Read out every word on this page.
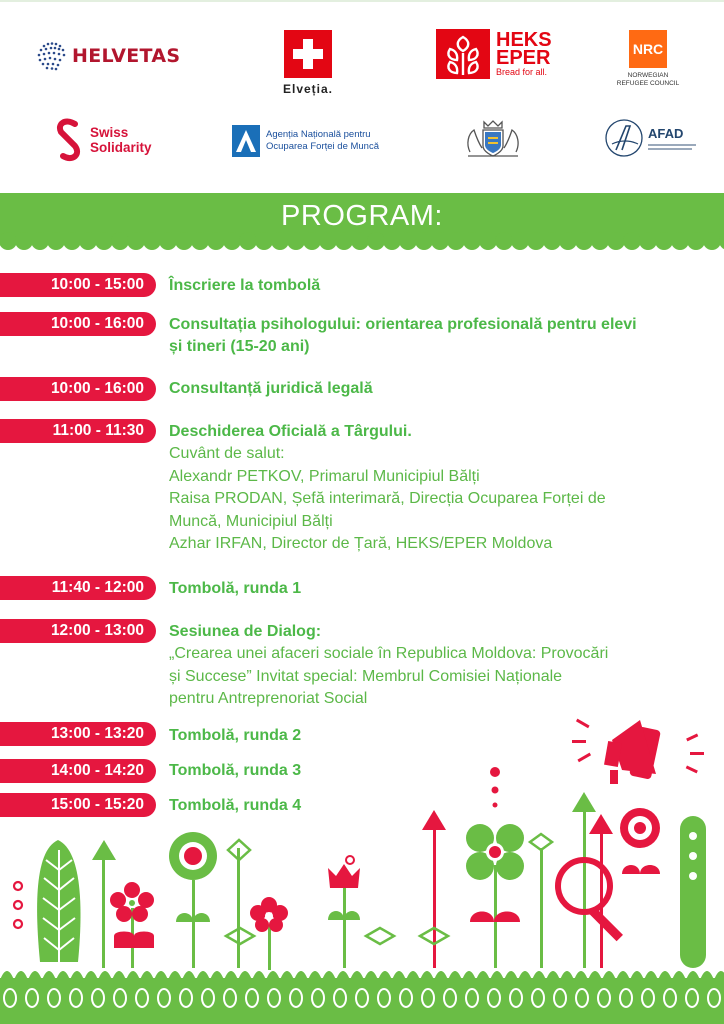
HELVETAS
Elveția.
HEKS
EPER
Bread for all.
NRC
NORWEGIAN
REFUGEE COUNCIL
Swiss
Solidarity
Agenția Națională pentru
Ocuparea Forței de Muncă
AFAD
PROGRAM:
10:00 - 15:00	Înscriere la tombolă
10:00 - 16:00	Consultația psihologului: orientarea profesională pentru elevi
și tineri (15-20 ani)
10:00 - 16:00	Consultanță juridică legală
11:00 - 11:30	Deschiderea Oficială a Târgului.
Cuvânt de salut:
Alexandr PETKOV, Primarul Municipiul Bălți
Raisa PRODAN, Șefă interimară, Direcția Ocuparea Forței de
Muncă, Municipiul Bălți
Azhar IRFAN, Director de Țară, HEKS/EPER Moldova
11:40 - 12:00	Tombolă, runda 1
12:00 - 13:00	Sesiunea de Dialog:
„Crearea unei afaceri sociale în Republica Moldova: Provocări
și Succese” Invitat special: Membrul Comisiei Naționale
pentru Antreprenoriat Social
13:00 - 13:20	Tombolă, runda 2
14:00 - 14:20	Tombolă, runda 3
15:00 - 15:20	Tombolă, runda 4
